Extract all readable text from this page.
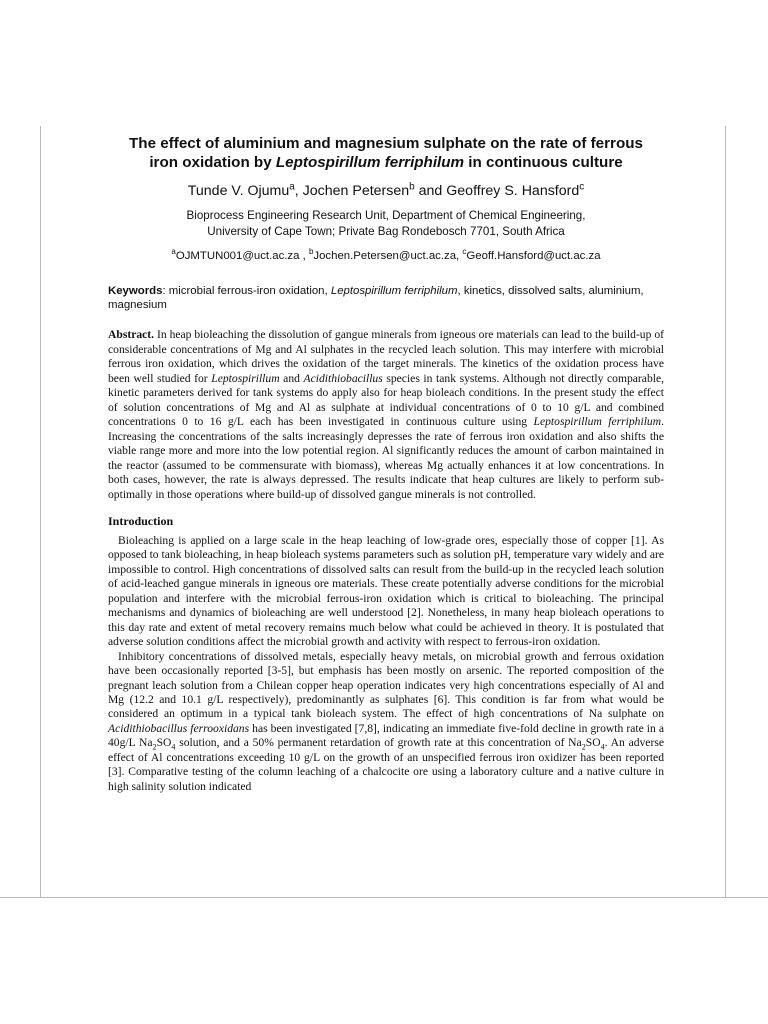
The effect of aluminium and magnesium sulphate on the rate of ferrous
iron oxidation by Leptospirillum ferriphilum in continuous culture
Tunde V. Ojumu$^a$, Jochen Petersen$^b$ and Geoffrey S. Hansford$^c$
Bioprocess Engineering Research Unit, Department of Chemical Engineering,
University of Cape Town; Private Bag Rondebosch 7701, South Africa
$^a$OJMTUN001@uct.ac.za , $^b$Jochen.Petersen@uct.ac.za, $^c$Geoff.Hansford@uct.ac.za
Keywords: microbial ferrous-iron oxidation, Leptospirillum ferriphilum, kinetics, dissolved salts, aluminium, magnesium
Abstract. In heap bioleaching the dissolution of gangue minerals from igneous ore materials can lead to the build-up of considerable concentrations of Mg and Al sulphates in the recycled leach solution. This may interfere with microbial ferrous iron oxidation, which drives the oxidation of the target minerals. The kinetics of the oxidation process have been well studied for Leptospirillum and Acidithiobacillus species in tank systems. Although not directly comparable, kinetic parameters derived for tank systems do apply also for heap bioleach conditions. In the present study the effect of solution concentrations of Mg and Al as sulphate at individual concentrations of 0 to 10 g/L and combined concentrations 0 to 16 g/L each has been investigated in continuous culture using Leptospirillum ferriphilum. Increasing the concentrations of the salts increasingly depresses the rate of ferrous iron oxidation and also shifts the viable range more and more into the low potential region. Al significantly reduces the amount of carbon maintained in the reactor (assumed to be commensurate with biomass), whereas Mg actually enhances it at low concentrations. In both cases, however, the rate is always depressed. The results indicate that heap cultures are likely to perform sub-optimally in those operations where build-up of dissolved gangue minerals is not controlled.
Introduction

Bioleaching is applied on a large scale in the heap leaching of low-grade ores, especially those of copper [1]. As opposed to tank bioleaching, in heap bioleach systems parameters such as solution pH, temperature vary widely and are impossible to control. High concentrations of dissolved salts can result from the build-up in the recycled leach solution of acid-leached gangue minerals in igneous ore materials. These create potentially adverse conditions for the microbial population and interfere with the microbial ferrous-iron oxidation which is critical to bioleaching. The principal mechanisms and dynamics of bioleaching are well understood [2]. Nonetheless, in many heap bioleach operations to this day rate and extent of metal recovery remains much below what could be achieved in theory. It is postulated that adverse solution conditions affect the microbial growth and activity with respect to ferrous-iron oxidation.

Inhibitory concentrations of dissolved metals, especially heavy metals, on microbial growth and ferrous oxidation have been occasionally reported [3-5], but emphasis has been mostly on arsenic. The reported composition of the pregnant leach solution from a Chilean copper heap operation indicates very high concentrations especially of Al and Mg (12.2 and 10.1 g/L respectively), predominantly as sulphates [6]. This condition is far from what would be considered an optimum in a typical tank bioleach system. The effect of high concentrations of Na sulphate on Acidithiobacillus ferrooxidans has been investigated [7,8], indicating an immediate five-fold decline in growth rate in a 40g/L $Na_2SO_4$ solution, and a 50% permanent retardation of growth rate at this concentration of $Na_2SO_4$. An adverse effect of Al concentrations exceeding 10 g/L on the growth of an unspecified ferrous iron oxidizer has been reported [3]. Comparative testing of the column leaching of a chalcocite ore using a laboratory culture and a native culture in high salinity solution indicated
